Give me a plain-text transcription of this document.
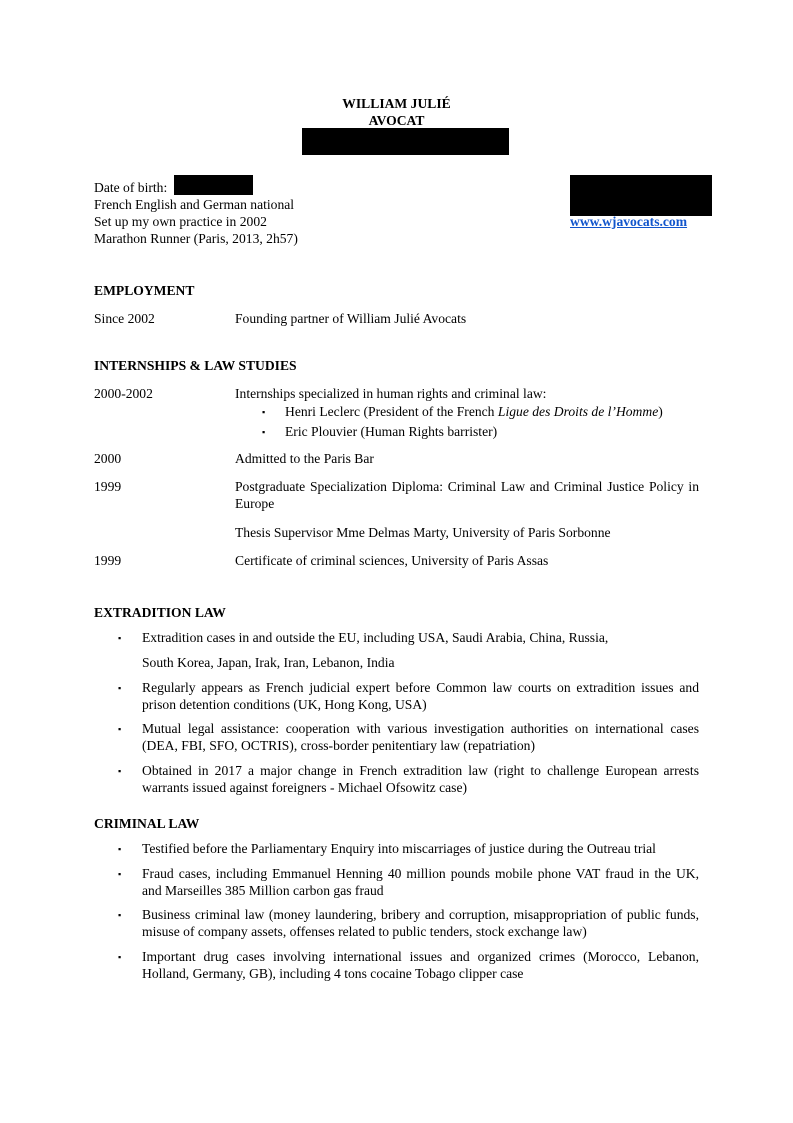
WILLIAM JULIÉ
AVOCAT
Date of birth:
French English and German national
Set up my own practice in 2002
Marathon Runner (Paris, 2013, 2h57)
www.wjavocats.com
EMPLOYMENT
Since 2002	Founding partner of William Julié Avocats
INTERNSHIPS & LAW STUDIES
2000-2002	Internships specialized in human rights and criminal law:
▪	Henri Leclerc (President of the French Ligue des Droits de l’Homme)
▪	Eric Plouvier (Human Rights barrister)
2000	Admitted to the Paris Bar
1999	Postgraduate Specialization Diploma: Criminal Law and Criminal Justice Policy in Europe
Thesis Supervisor Mme Delmas Marty, University of Paris Sorbonne
1999	Certificate of criminal sciences, University of Paris Assas
EXTRADITION LAW
▪	Extradition cases in and outside the EU, including USA, Saudi Arabia, China, Russia,
South Korea, Japan, Irak, Iran, Lebanon, India
▪	Regularly appears as French judicial expert before Common law courts on extradition issues and prison detention conditions (UK, Hong Kong, USA)
▪	Mutual legal assistance: cooperation with various investigation authorities on international cases (DEA, FBI, SFO, OCTRIS), cross-border penitentiary law (repatriation)
▪	Obtained in 2017 a major change in French extradition law (right to challenge European arrests warrants issued against foreigners - Michael Ofsowitz case)
CRIMINAL LAW
▪	Testified before the Parliamentary Enquiry into miscarriages of justice during the Outreau trial
▪	Fraud cases, including Emmanuel Henning 40 million pounds mobile phone VAT fraud in the UK, and Marseilles 385 Million carbon gas fraud
▪	Business criminal law (money laundering, bribery and corruption, misappropriation of public funds, misuse of company assets, offenses related to public tenders, stock exchange law)
▪	Important drug cases involving international issues and organized crimes (Morocco, Lebanon, Holland, Germany, GB), including 4 tons cocaine Tobago clipper case
